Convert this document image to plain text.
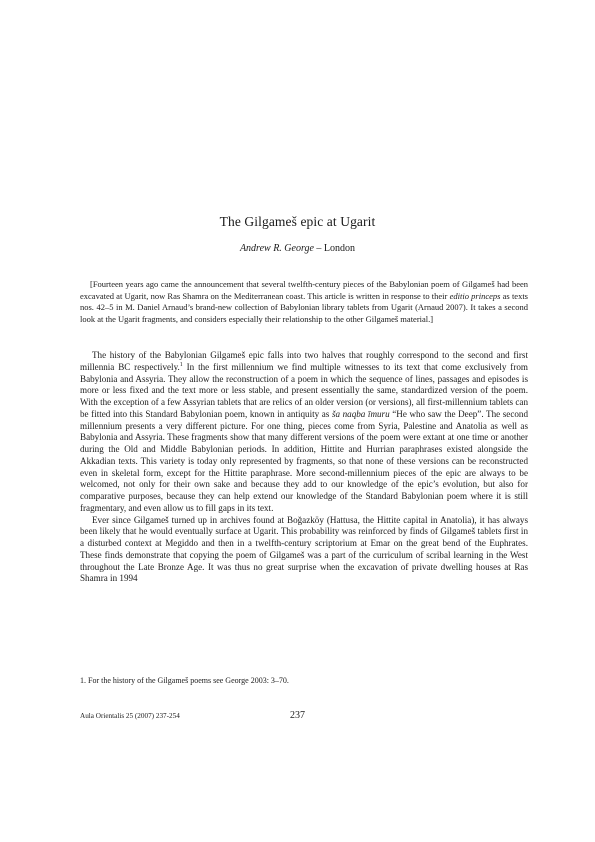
The Gilgameš epic at Ugarit
Andrew R. George – London

[Fourteen years ago came the announcement that several twelfth-century pieces of the Babylonian poem of Gilgameš had been excavated at Ugarit, now Ras Shamra on the Mediterranean coast. This article is written in response to their editio princeps as texts nos. 42–5 in M. Daniel Arnaud’s brand-new collection of Babylonian library tablets from Ugarit (Arnaud 2007). It takes a second look at the Ugarit fragments, and considers especially their relationship to the other Gilgameš material.]

The history of the Babylonian Gilgameš epic falls into two halves that roughly correspond to the second and first millennia BC respectively.$^1$ In the first millennium we find multiple witnesses to its text that come exclusively from Babylonia and Assyria. They allow the reconstruction of a poem in which the sequence of lines, passages and episodes is more or less fixed and the text more or less stable, and present essentially the same, standardized version of the poem. With the exception of a few Assyrian tablets that are relics of an older version (or versions), all first-millennium tablets can be fitted into this Standard Babylonian poem, known in antiquity as ša naqba īmuru “He who saw the Deep”. The second millennium presents a very different picture. For one thing, pieces come from Syria, Palestine and Anatolia as well as Babylonia and Assyria. These fragments show that many different versions of the poem were extant at one time or another during the Old and Middle Babylonian periods. In addition, Hittite and Hurrian paraphrases existed alongside the Akkadian texts. This variety is today only represented by fragments, so that none of these versions can be reconstructed even in skeletal form, except for the Hittite paraphrase. More second-millennium pieces of the epic are always to be welcomed, not only for their own sake and because they add to our knowledge of the epic’s evolution, but also for comparative purposes, because they can help extend our knowledge of the Standard Babylonian poem where it is still fragmentary, and even allow us to fill gaps in its text.

Ever since Gilgameš turned up in archives found at Boğazköy (Hattusa, the Hittite capital in Anatolia), it has always been likely that he would eventually surface at Ugarit. This probability was reinforced by finds of Gilgameš tablets first in a disturbed context at Megiddo and then in a twelfth-century scriptorium at Emar on the great bend of the Euphrates. These finds demonstrate that copying the poem of Gilgameš was a part of the curriculum of scribal learning in the West throughout the Late Bronze Age. It was thus no great surprise when the excavation of private dwelling houses at Ras Shamra in 1994

1. For the history of the Gilgameš poems see George 2003: 3–70.
Aula Orientalis 25 (2007) 237-254	237
